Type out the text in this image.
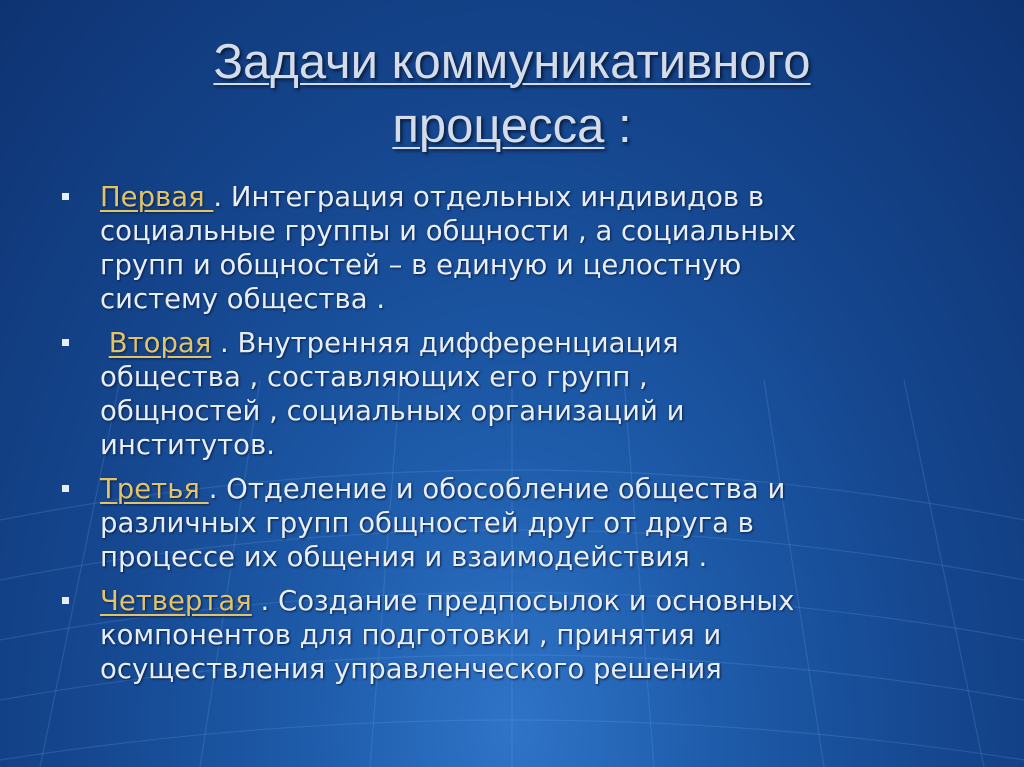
Задачи коммуникативного
процесса :

Первая . Интеграция отдельных индивидов в
социальные группы и общности , а социальных
групп и общностей – в единую и целостную
систему общества .

Вторая . Внутренняя дифференциация
общества , составляющих его групп ,
общностей , социальных организаций и
институтов.

Третья . Отделение и обособление общества и
различных групп общностей друг от друга в
процессе их общения и взаимодействия .

Четвертая . Создание предпосылок и основных
компонентов для подготовки , принятия и
осуществления управленческого решения
